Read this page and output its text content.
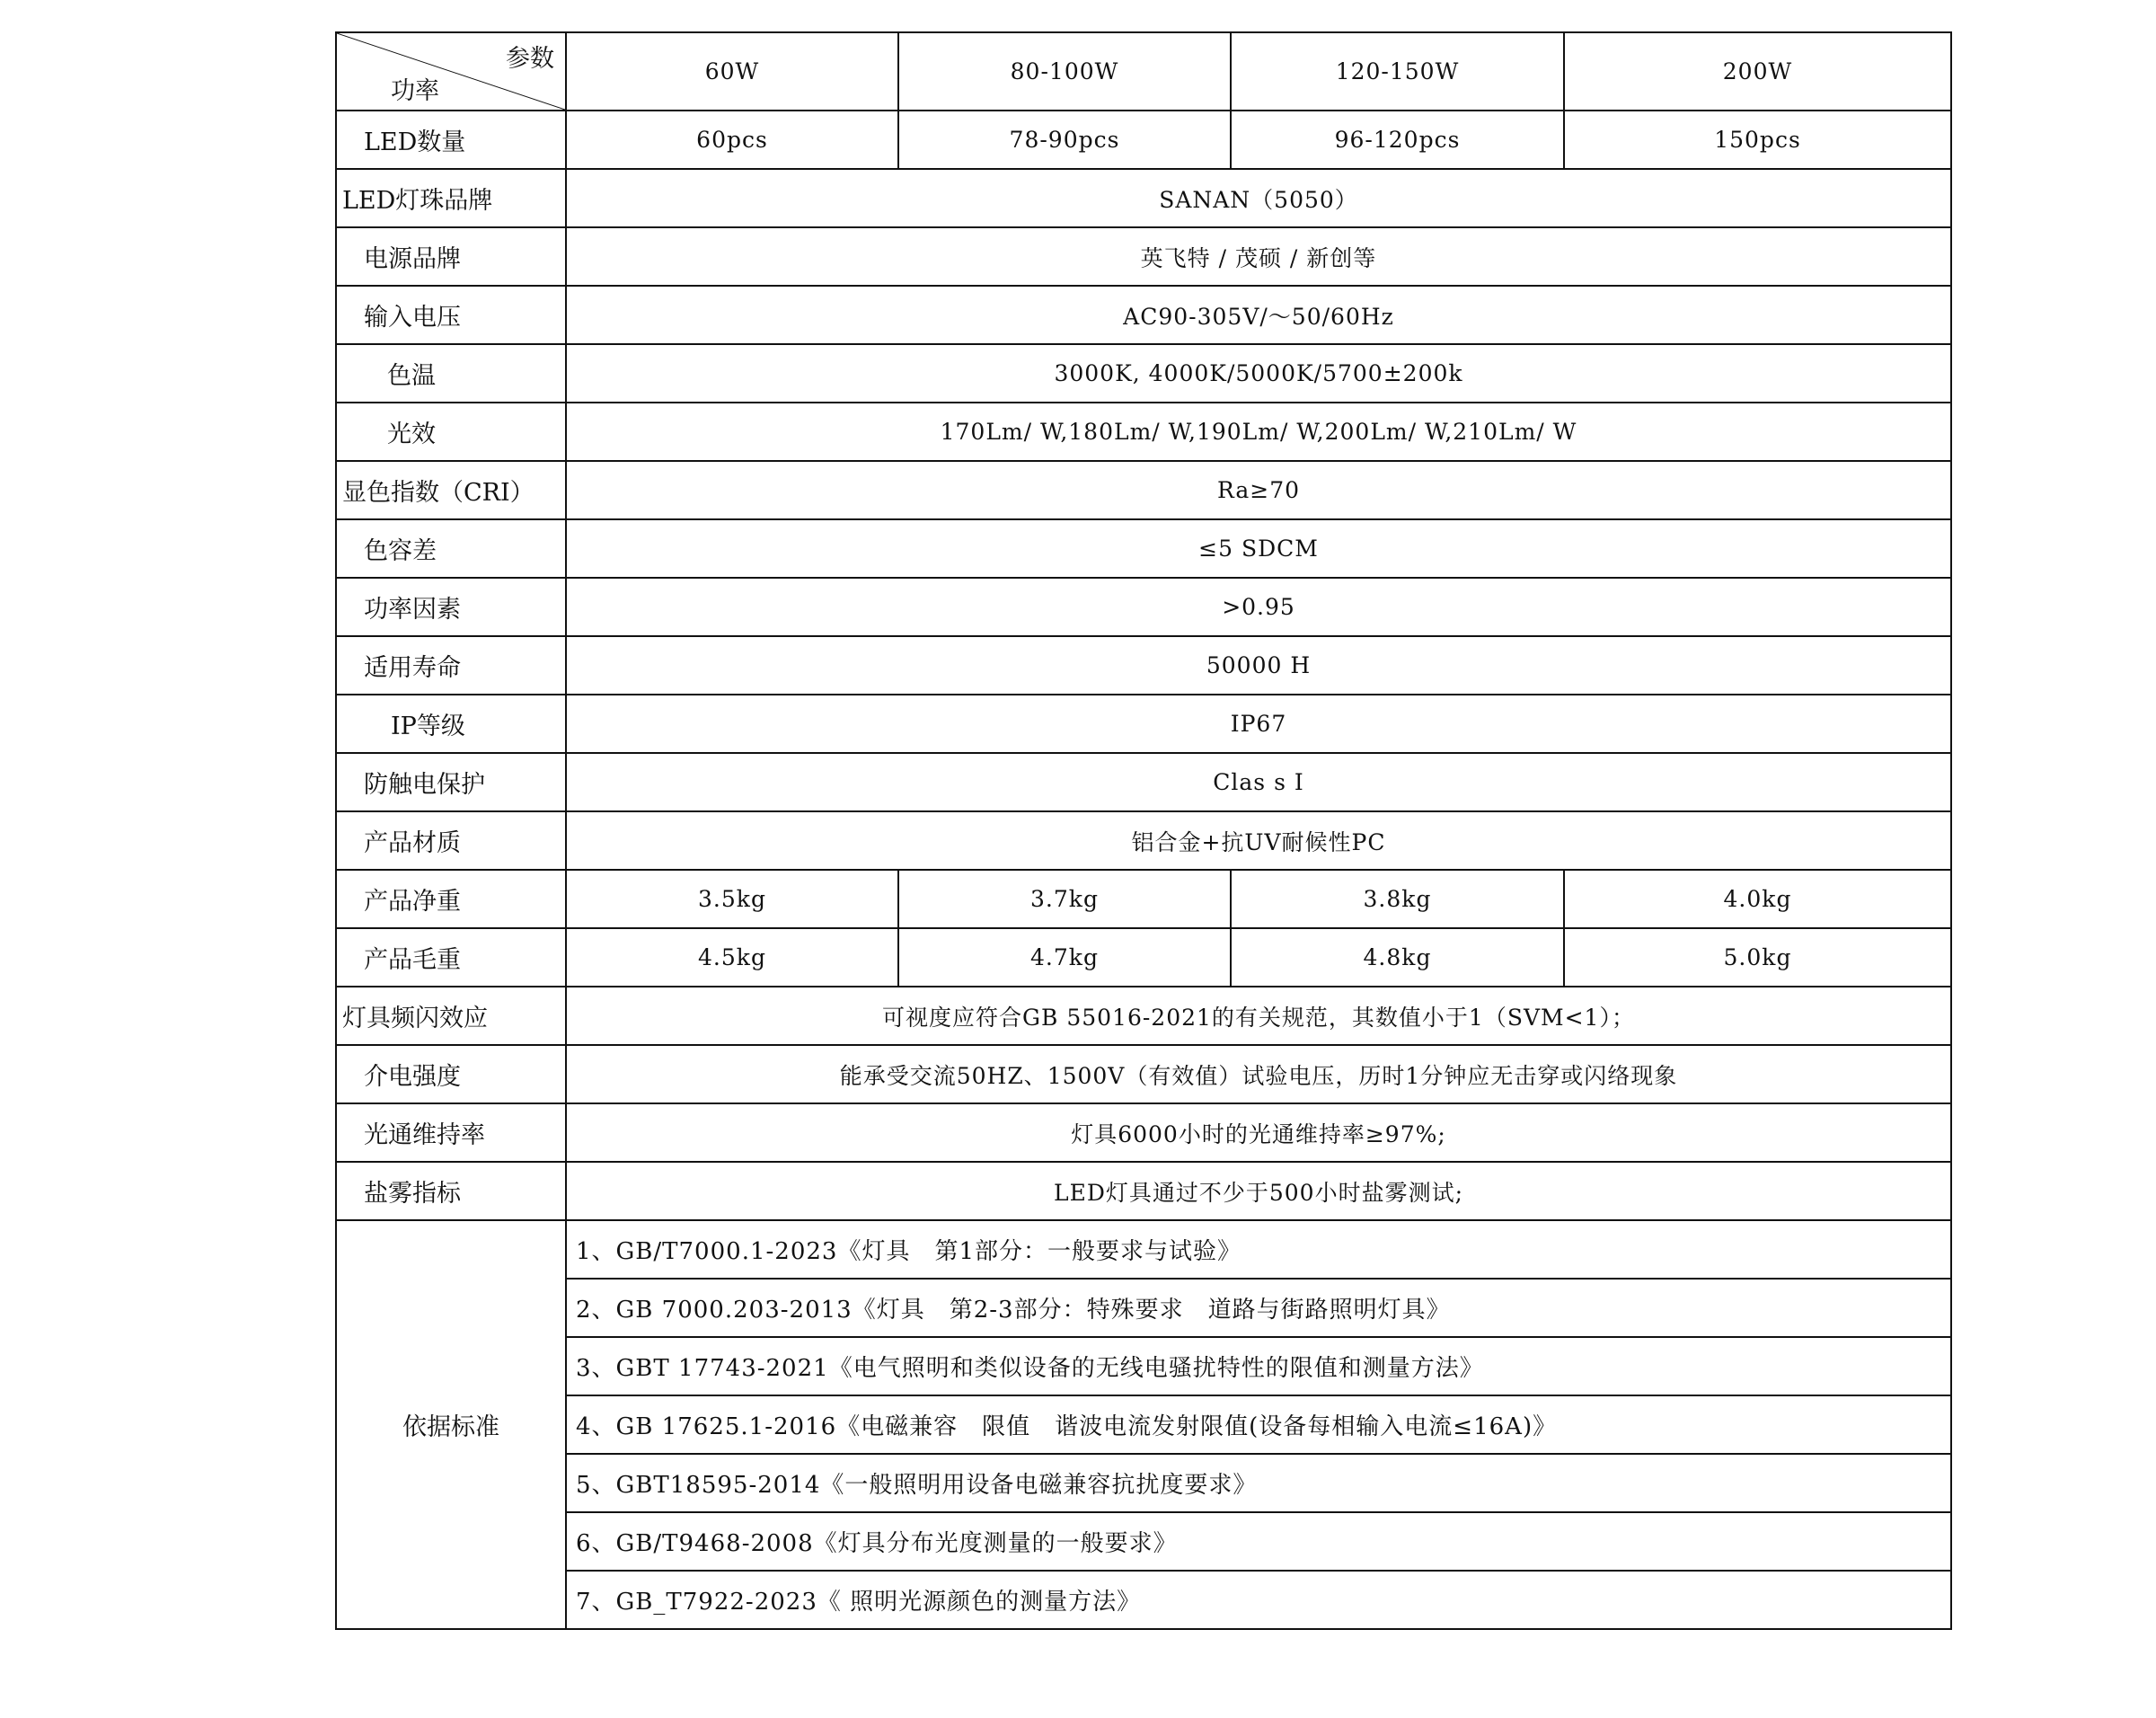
参数
功率	60W	80-100W	120-150W	200W
LED数量	60pcs	78-90pcs	96-120pcs	150pcs
LED灯珠品牌	SANAN（5050）			
电源品牌	英飞特 / 茂硕 / 新创等			
输入电压	AC90-305V/～50/60Hz			
色温	3000K, 4000K/5000K/5700±200k			
光效	170Lm/ W,180Lm/ W,190Lm/ W,200Lm/ W,210Lm/ W			
显色指数（CRI）	Ra≥70			
色容差	≤5 SDCM			
功率因素	>0.95			
适用寿命	50000 H			
IP等级	IP67			
防触电保护	Clas s Ⅰ			
产品材质	铝合金+抗UV耐候性PC			
产品净重	3.5kg	3.7kg	3.8kg	4.0kg
产品毛重	4.5kg	4.7kg	4.8kg	5.0kg
灯具频闪效应	可视度应符合GB 55016-2021的有关规范，其数值小于1（SVM<1）；			
介电强度	能承受交流50HZ、1500V（有效值）试验电压，历时1分钟应无击穿或闪络现象			
光通维持率	灯具6000小时的光通维持率≥97%;			
盐雾指标	LED灯具通过不少于500小时盐雾测试;			
依据标准	1、GB/T7000.1-2023《灯具　第1部分：一般要求与试验》			
	2、GB 7000.203-2013《灯具　第2-3部分：特殊要求　道路与街路照明灯具》			
	3、GBT 17743-2021《电气照明和类似设备的无线电骚扰特性的限值和测量方法》			
	4、GB 17625.1-2016《电磁兼容　限值　谐波电流发射限值(设备每相输入电流≤16A)》			
	5、GBT18595-2014《一般照明用设备电磁兼容抗扰度要求》			
	6、GB/T9468-2008《灯具分布光度测量的一般要求》			
	7、GB_T7922-2023《 照明光源颜色的测量方法》			
